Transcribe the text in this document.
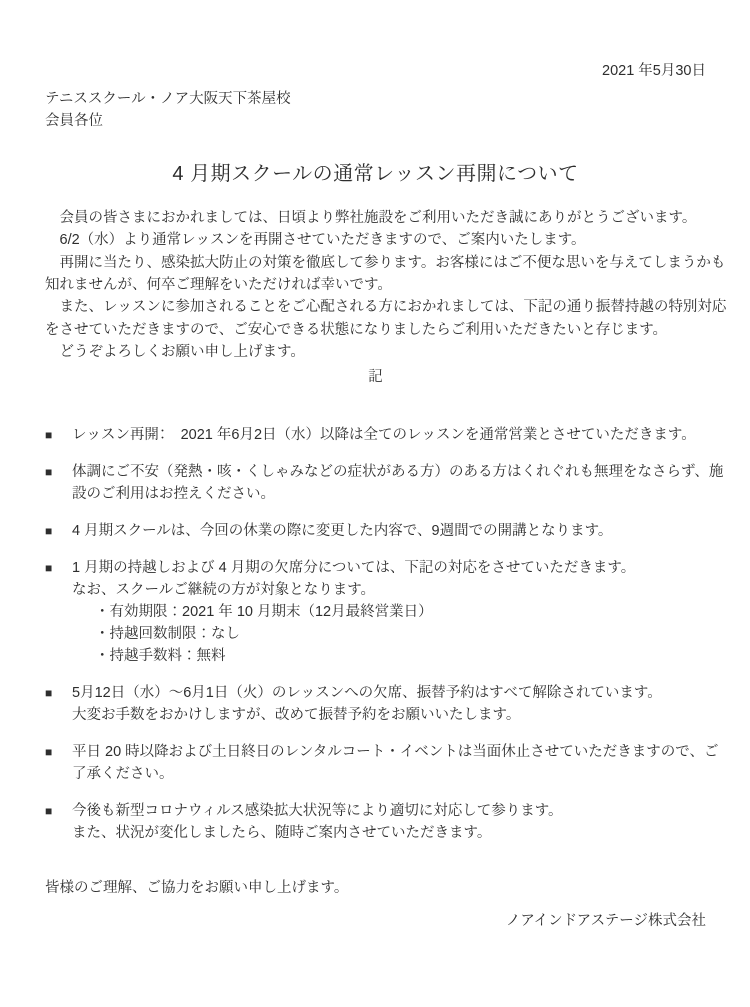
2021 年5月30日
テニススクール・ノア大阪天下茶屋校
会員各位
4 月期スクールの通常レッスン再開について
　会員の皆さまにおかれましては、日頃より弊社施設をご利用いただき誠にありがとうございます。
　6/2（水）より通常レッスンを再開させていただきますので、ご案内いたします。
　再開に当たり、感染拡大防止の対策を徹底して参ります。お客様にはご不便な思いを与えてしまうかも
知れませんが、何卒ご理解をいただければ幸いです。
　また、レッスンに参加されることをご心配される方におかれましては、下記の通り振替持越の特別対応
をさせていただきますので、ご安心できる状態になりましたらご利用いただきたいと存じます。
　どうぞよろしくお願い申し上げます。
記
■	レッスン再開：　2021 年6月2日（水）以降は全てのレッスンを通常営業とさせていただきます。
■	体調にご不安（発熱・咳・くしゃみなどの症状がある方）のある方はくれぐれも無理をなさらず、施
設のご利用はお控えください。
■	4 月期スクールは、今回の休業の際に変更した内容で、9週間での開講となります。
■	1 月期の持越しおよび 4 月期の欠席分については、下記の対応をさせていただきます。
なお、スクールご継続の方が対象となります。
・有効期限：2021 年 10 月期末（12月最終営業日）
・持越回数制限：なし
・持越手数料：無料
■	5月12日（水）～6月1日（火）のレッスンへの欠席、振替予約はすべて解除されています。
大変お手数をおかけしますが、改めて振替予約をお願いいたします。
■	平日 20 時以降および土日終日のレンタルコート・イベントは当面休止させていただきますので、ご
了承ください。
■	今後も新型コロナウィルス感染拡大状況等により適切に対応して参ります。
また、状況が変化しましたら、随時ご案内させていただきます。
皆様のご理解、ご協力をお願い申し上げます。
ノアインドアステージ株式会社
